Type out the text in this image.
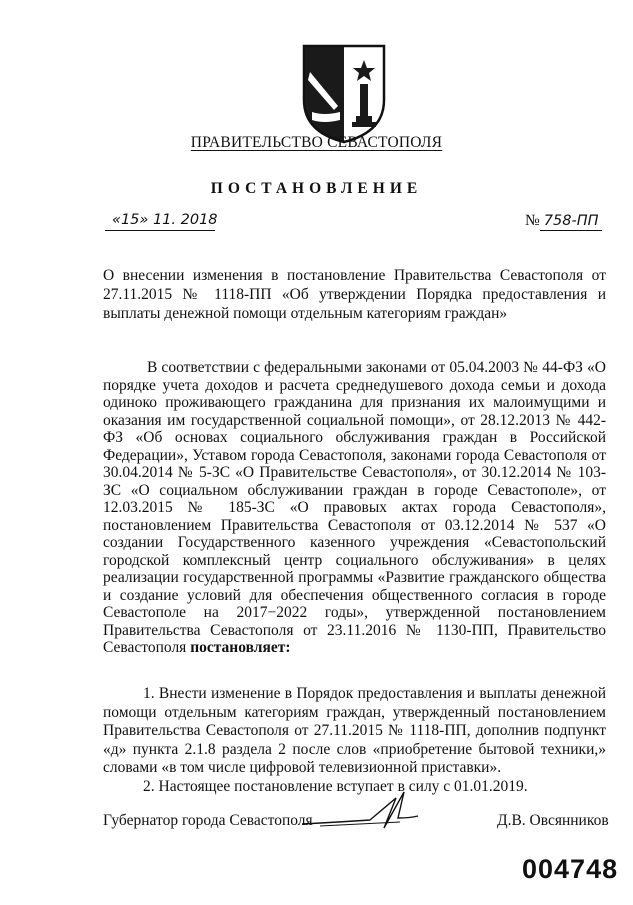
ПРАВИТЕЛЬСТВО СЕВАСТОПОЛЯ
ПОСТАНОВЛЕНИЕ
«15» 11. 2018	№ 758-ПП
О внесении изменения в постановление Правительства Севастополя от 27.11.2015 № 1118-ПП «Об утверждении Порядка предоставления и выплаты денежной помощи отдельным категориям граждан»
В соответствии с федеральными законами от 05.04.2003 № 44-ФЗ «О порядке учета доходов и расчета среднедушевого дохода семьи и дохода одиноко проживающего гражданина для признания их малоимущими и оказания им государственной социальной помощи», от 28.12.2013 № 442-ФЗ «Об основах социального обслуживания граждан в Российской Федерации», Уставом города Севастополя, законами города Севастополя от 30.04.2014 № 5-ЗС «О Правительстве Севастополя», от 30.12.2014 № 103-ЗС «О социальном обслуживании граждан в городе Севастополе», от 12.03.2015 № 185-ЗС «О правовых актах города Севастополя», постановлением Правительства Севастополя от 03.12.2014 № 537 «О создании Государственного казенного учреждения «Севастопольский городской комплексный центр социального обслуживания» в целях реализации государственной программы «Развитие гражданского общества и создание условий для обеспечения общественного согласия в городе Севастополе на 2017−2022 годы», утвержденной постановлением Правительства Севастополя от 23.11.2016 № 1130-ПП, Правительство Севастополя постановляет:

1. Внести изменение в Порядок предоставления и выплаты денежной помощи отдельным категориям граждан, утвержденный постановлением Правительства Севастополя от 27.11.2015 № 1118-ПП, дополнив подпункт «д» пункта 2.1.8 раздела 2 после слов «приобретение бытовой техники,» словами «в том числе цифровой телевизионной приставки».

2. Настоящее постановление вступает в силу с 01.01.2019.

Губернатор города Севастополя	Д.В. Овсянников
004748
